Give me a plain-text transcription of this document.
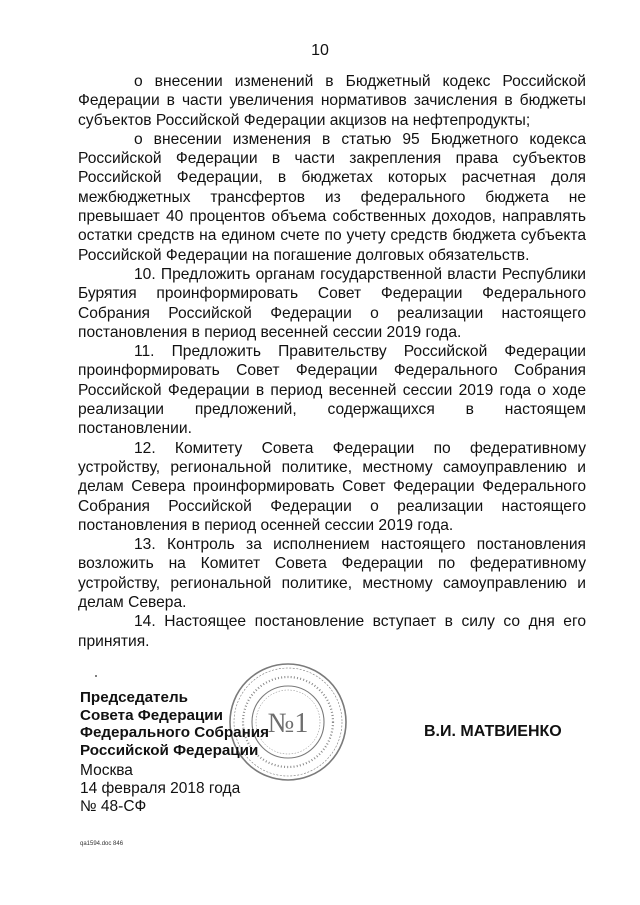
10

о внесении изменений в Бюджетный кодекс Российской Федерации в части увеличения нормативов зачисления в бюджеты субъектов Российской Федерации акцизов на нефтепродукты;

о внесении изменения в статью 95 Бюджетного кодекса Российской Федерации в части закрепления права субъектов Российской Федерации, в бюджетах которых расчетная доля межбюджетных трансфертов из федерального бюджета не превышает 40 процентов объема собственных доходов, направлять остатки средств на едином счете по учету средств бюджета субъекта Российской Федерации на погашение долговых обязательств.

10. Предложить органам государственной власти Республики Бурятия проинформировать Совет Федерации Федерального Собрания Российской Федерации о реализации настоящего постановления в период весенней сессии 2019 года.

11. Предложить Правительству Российской Федерации проинформировать Совет Федерации Федерального Собрания Российской Федерации в период весенней сессии 2019 года о ходе реализации предложений, содержащихся в настоящем постановлении.

12. Комитету Совета Федерации по федеративному устройству, региональной политике, местному самоуправлению и делам Севера проинформировать Совет Федерации Федерального Собрания Российской Федерации о реализации настоящего постановления в период осенней сессии 2019 года.

13. Контроль за исполнением настоящего постановления возложить на Комитет Совета Федерации по федеративному устройству, региональной политике, местному самоуправлению и делам Севера.

14. Настоящее постановление вступает в силу со дня его принятия.

№1
Председатель
Совета Федерации
Федерального Собрания
Российской Федерации
В.И. МАТВИЕНКО
Москва
14 февраля 2018 года
№ 48-СФ
qa1594.doc 846
